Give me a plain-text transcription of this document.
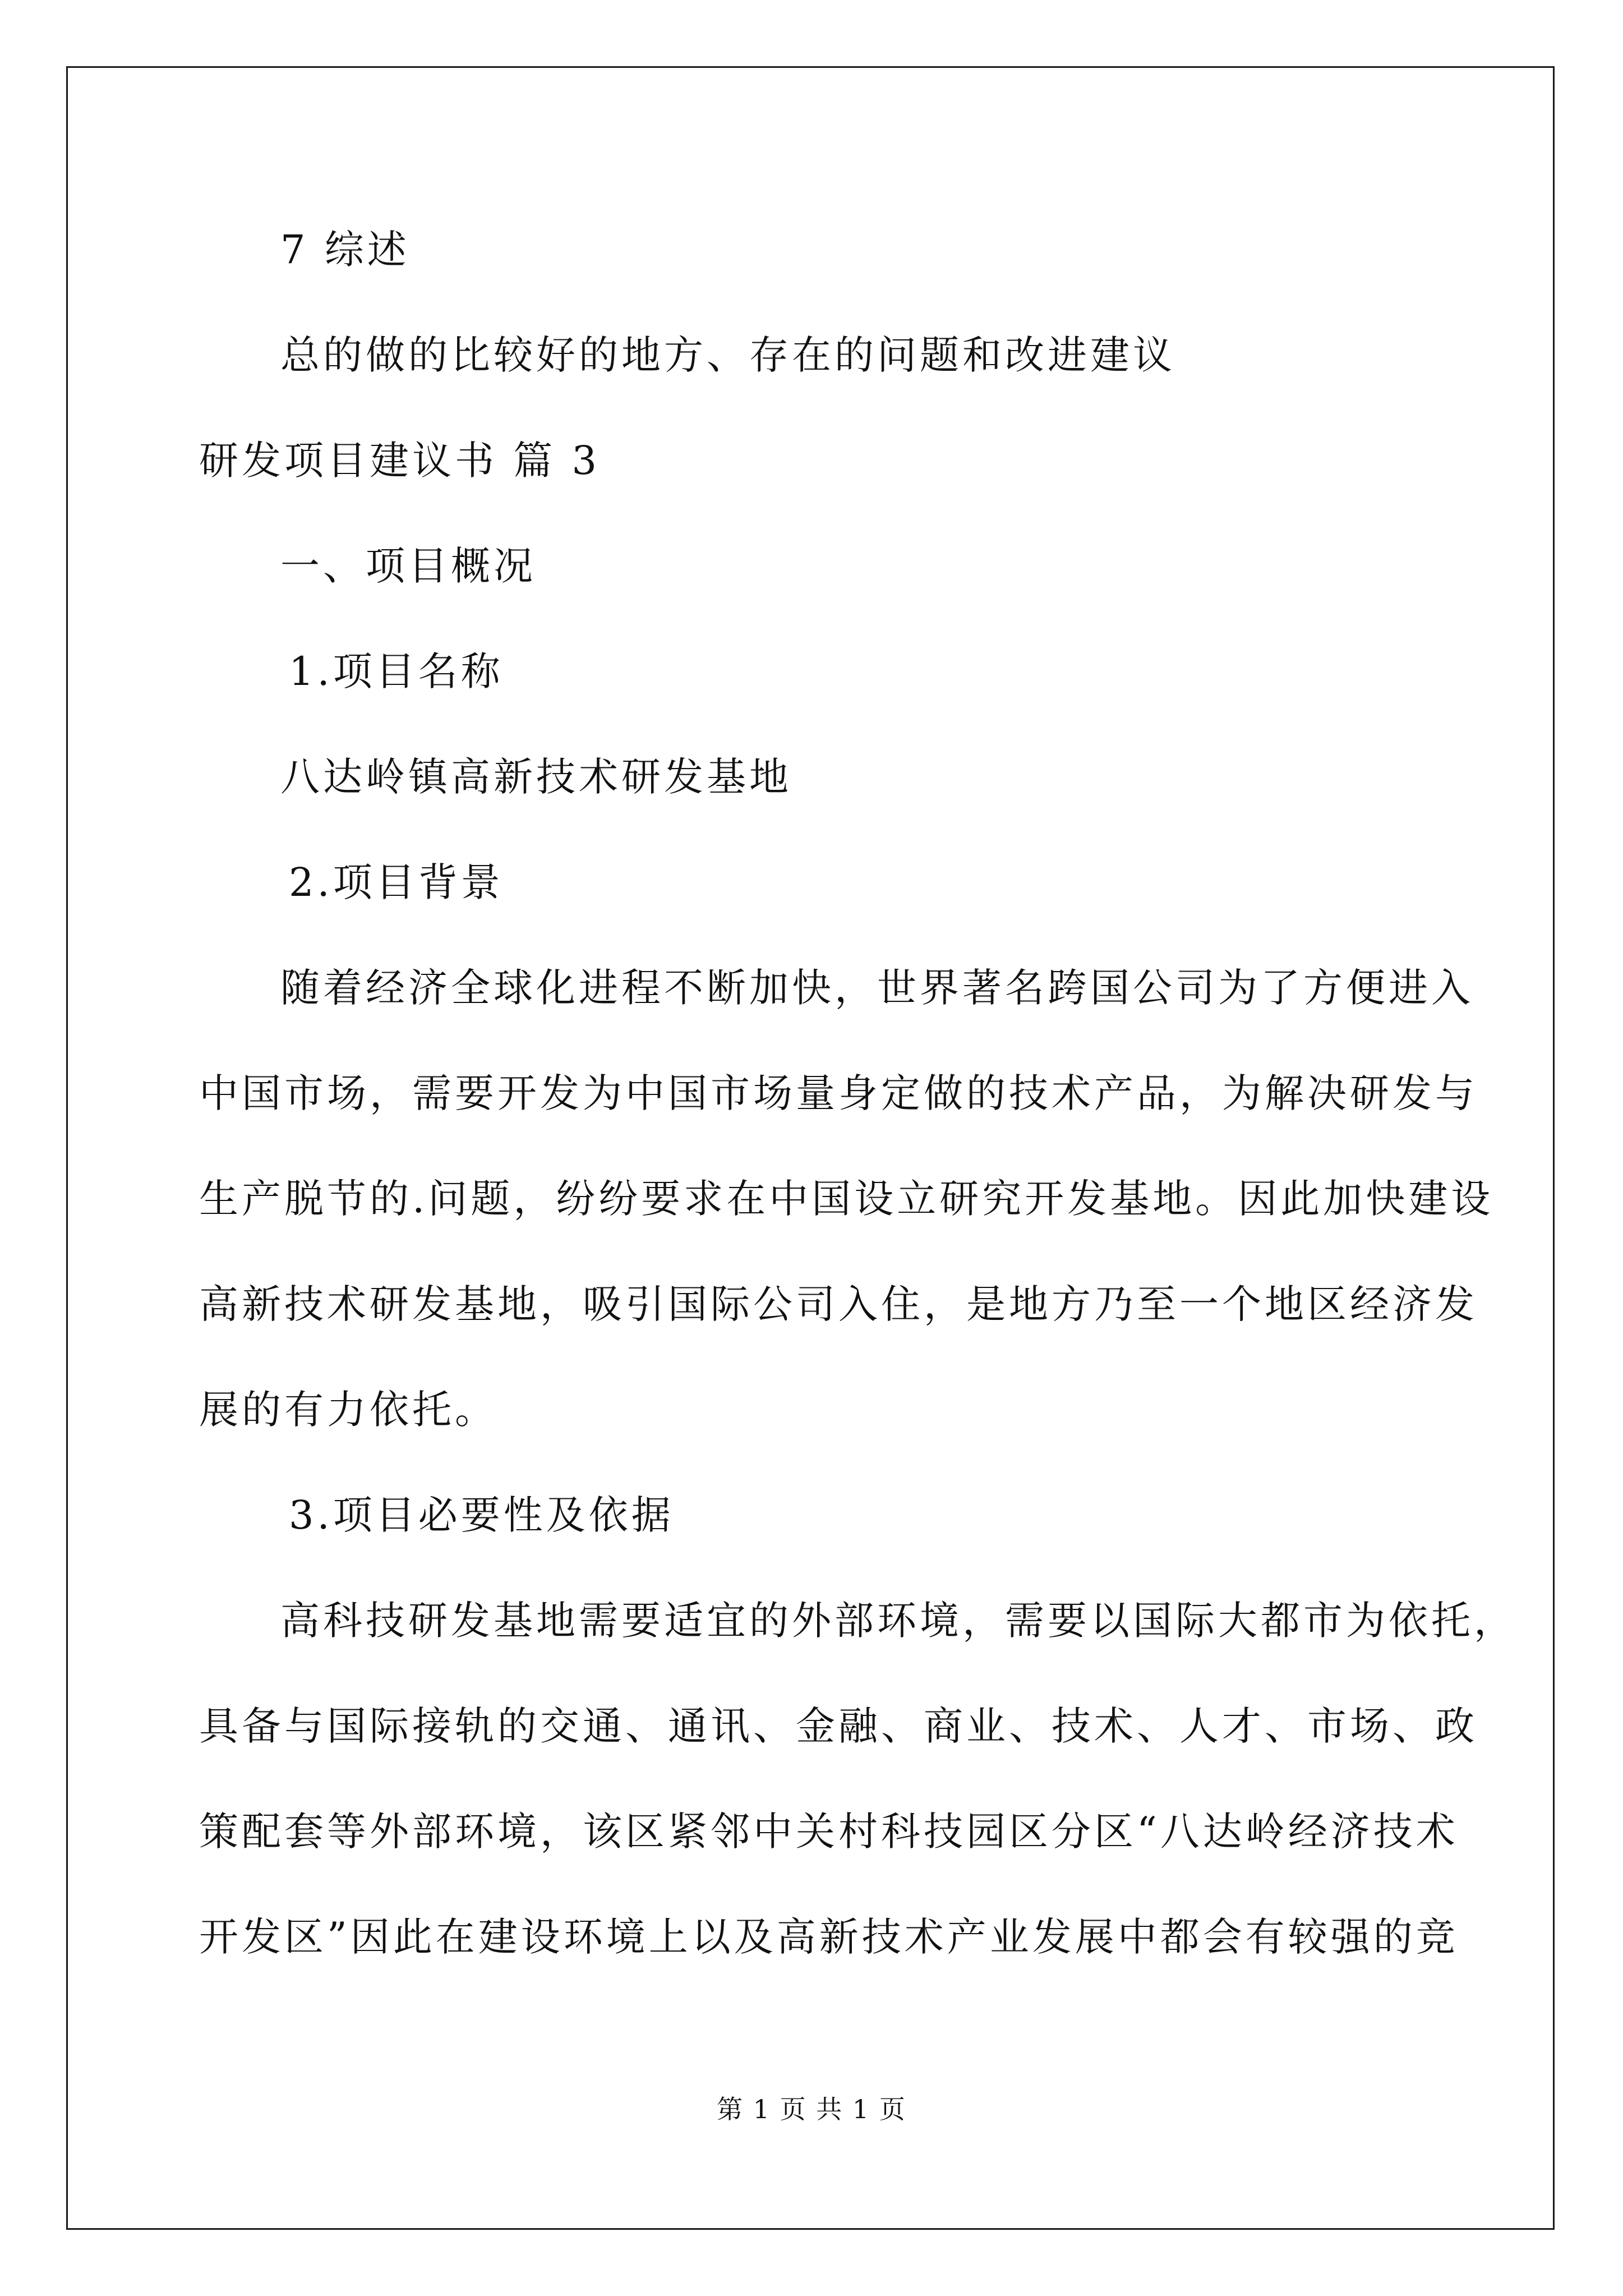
7 综述
总的做的比较好的地方、存在的问题和改进建议
研发项目建议书 篇 3
一、项目概况
1.项目名称
八达岭镇高新技术研发基地
2.项目背景
随着经济全球化进程不断加快，世界著名跨国公司为了方便进入
中国市场，需要开发为中国市场量身定做的技术产品，为解决研发与
生产脱节的.问题，纷纷要求在中国设立研究开发基地。因此加快建设
高新技术研发基地，吸引国际公司入住，是地方乃至一个地区经济发
展的有力依托。
3.项目必要性及依据
高科技研发基地需要适宜的外部环境，需要以国际大都市为依托，
具备与国际接轨的交通、通讯、金融、商业、技术、人才、市场、政
策配套等外部环境，该区紧邻中关村科技园区分区“八达岭经济技术
开发区”因此在建设环境上以及高新技术产业发展中都会有较强的竞
第 1 页 共 1 页
